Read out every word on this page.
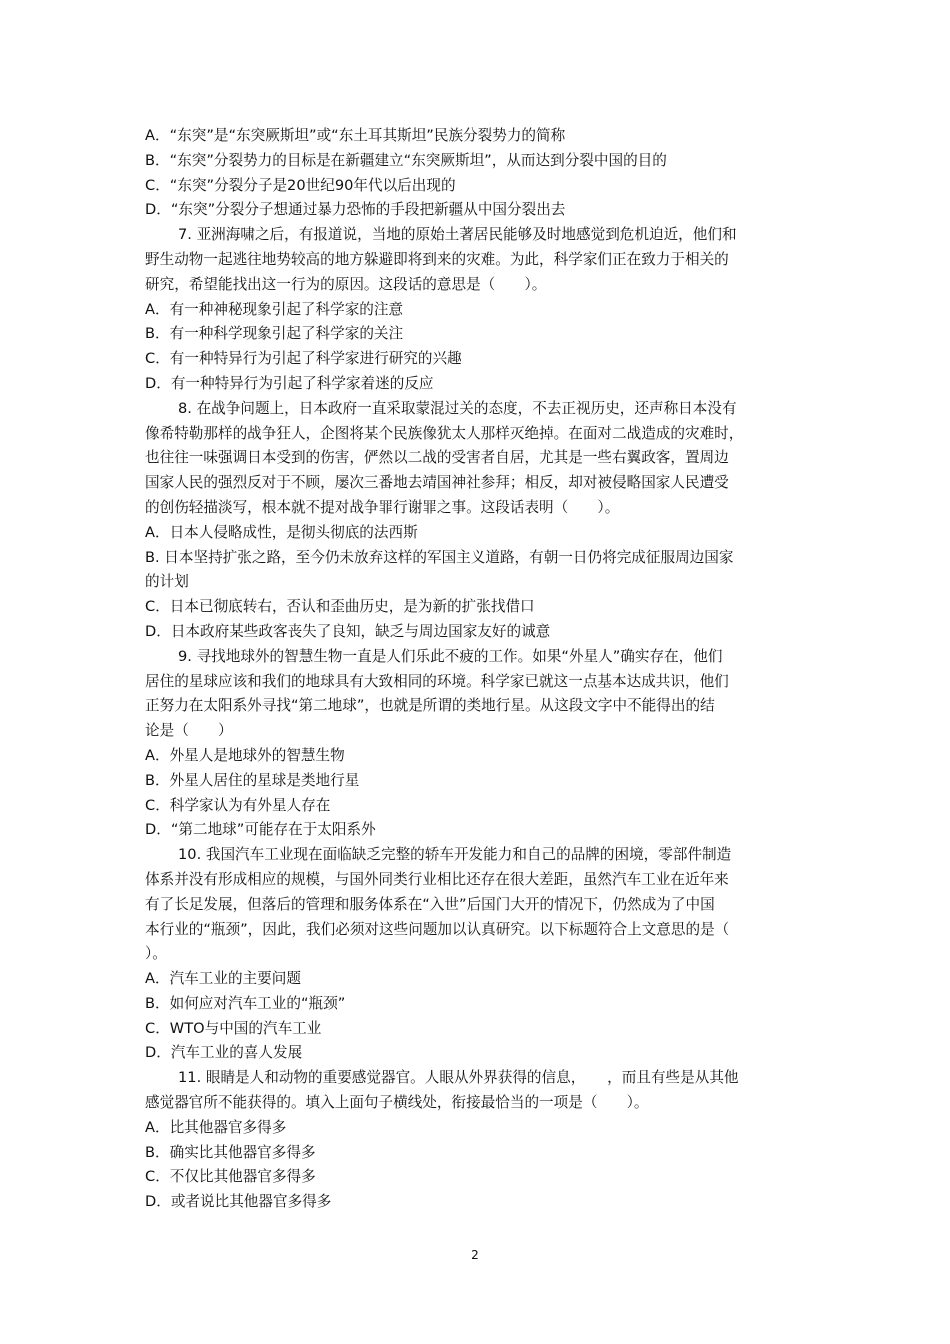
A．“东突”是“东突厥斯坦”或“东土耳其斯坦”民族分裂势力的简称
B．“东突”分裂势力的目标是在新疆建立“东突厥斯坦”，从而达到分裂中国的目的
C．“东突”分裂分子是20世纪90年代以后出现的
D．“东突”分裂分子想通过暴力恐怖的手段把新疆从中国分裂出去
7. 亚洲海啸之后，有报道说，当地的原始土著居民能够及时地感觉到危机迫近，他们和
野生动物一起逃往地势较高的地方躲避即将到来的灾难。为此，科学家们正在致力于相关的
研究，希望能找出这一行为的原因。这段话的意思是（　　）。
A．有一种神秘现象引起了科学家的注意
B．有一种科学现象引起了科学家的关注
C．有一种特异行为引起了科学家进行研究的兴趣
D．有一种特异行为引起了科学家着迷的反应
8. 在战争问题上，日本政府一直采取蒙混过关的态度，不去正视历史，还声称日本没有
像希特勒那样的战争狂人，企图将某个民族像犹太人那样灭绝掉。在面对二战造成的灾难时，
也往往一味强调日本受到的伤害，俨然以二战的受害者自居，尤其是一些右翼政客，置周边
国家人民的强烈反对于不顾，屡次三番地去靖国神社参拜；相反，却对被侵略国家人民遭受
的创伤轻描淡写，根本就不提对战争罪行谢罪之事。这段话表明（　　）。
A．日本人侵略成性，是彻头彻底的法西斯
B. 日本坚持扩张之路，至今仍未放弃这样的军国主义道路，有朝一日仍将完成征服周边国家
的计划
C．日本已彻底转右，否认和歪曲历史，是为新的扩张找借口
D．日本政府某些政客丧失了良知，缺乏与周边国家友好的诚意
9. 寻找地球外的智慧生物一直是人们乐此不疲的工作。如果“外星人”确实存在，他们
居住的星球应该和我们的地球具有大致相同的环境。科学家已就这一点基本达成共识，他们
正努力在太阳系外寻找“第二地球”，也就是所谓的类地行星。从这段文字中不能得出的结
论是（　　）
A．外星人是地球外的智慧生物
B．外星人居住的星球是类地行星
C．科学家认为有外星人存在
D．“第二地球”可能存在于太阳系外
10. 我国汽车工业现在面临缺乏完整的轿车开发能力和自己的品牌的困境，零部件制造
体系并没有形成相应的规模，与国外同类行业相比还存在很大差距，虽然汽车工业在近年来
有了长足发展，但落后的管理和服务体系在“入世”后国门大开的情况下，仍然成为了中国
本行业的“瓶颈”，因此，我们必须对这些问题加以认真研究。以下标题符合上文意思的是（
）。
A．汽车工业的主要问题
B．如何应对汽车工业的“瓶颈”
C．WTO与中国的汽车工业
D．汽车工业的喜人发展
11. 眼睛是人和动物的重要感觉器官。人眼从外界获得的信息，　　，而且有些是从其他
感觉器官所不能获得的。填入上面句子横线处，衔接最恰当的一项是（　　）。
A．比其他器官多得多
B．确实比其他器官多得多
C．不仅比其他器官多得多
D．或者说比其他器官多得多
2
